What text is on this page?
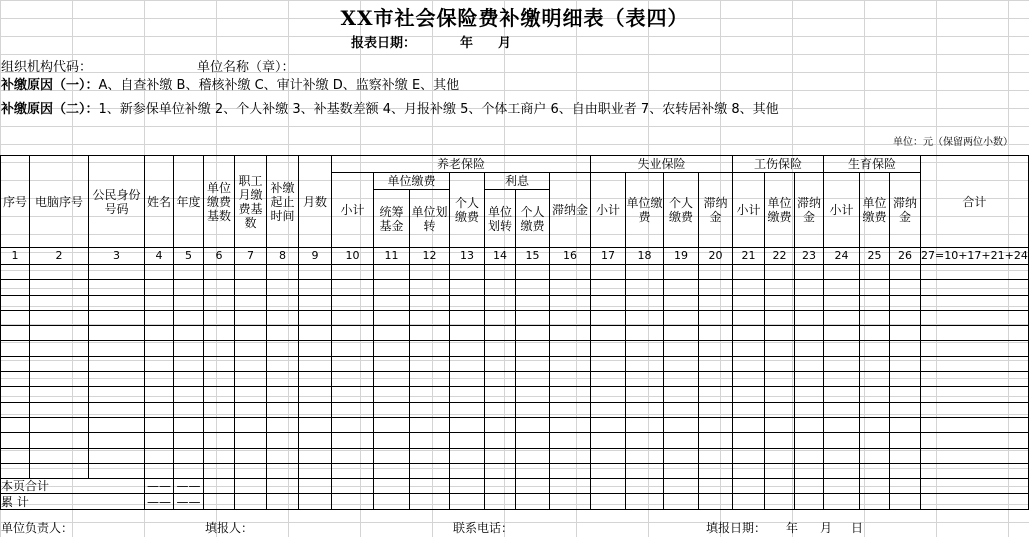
XX市社会保险费补缴明细表（表四）
报表日期：	年 月
组织机构代码：	单位名称（章）：
补缴原因（一）：A、自查补缴 B、稽核补缴 C、审计补缴 D、监察补缴 E、其他
补缴原因（二）：1、新参保单位补缴 2、个人补缴 3、补基数差额 4、月报补缴 5、个体工商户 6、自由职业者 7、农转居补缴 8、其他
单位：元（保留两位小数）
序号	电脑序号	公民身份号码	姓名	年度	单位缴费基数	职工月缴费基数	补缴起止时间	月数	养老保险							失业保险				工伤保险			生育保险			合计
									小计	单位缴费		个人缴费	利息		滞纳金	小计	单位缴费	个人缴费	滞纳金	小计	单位缴费	滞纳金	小计	单位缴费	滞纳金	
										统筹基金	单位划转		单位划转	个人缴费												
1	2	3	4	5	6	7	8	9	10	11	12	13	14	15	16	17	18	19	20	21	22	23	24	25	26	27=10+17+21+24

本页合计			——	——																						
累 计			——	——																						
单位负责人：	填报人：	联系电话：	填报日期： 年 月 日
